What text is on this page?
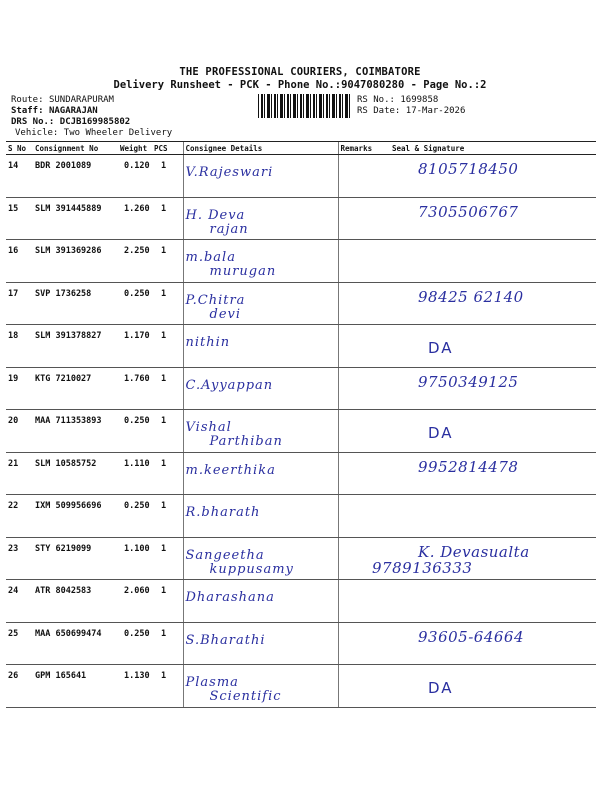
THE PROFESSIONAL COURIERS, COIMBATORE
Delivery Runsheet - PCK - Phone No.:9047080280 - Page No.:2
Route: SUNDARAPURAM
Staff: NAGARAJAN
DRS No.: DCJB169985802
Vehicle: Two Wheeler Delivery
RS No.: 1699858
RS Date: 17-Mar-2026
S No	Consignment No	Weight	PCS	Consignee Details	Remarks	Seal & Signature
14	BDR 2001089	0.120	1	V.Rajeswari		8105718450

15	SLM 391445889	1.260	1	H. Deva
rajan		7305506767

16	SLM 391369286	2.250	1	m.bala
murugan		

17	SVP 1736258	0.250	1	P.Chitra
devi		98425 62140

18	SLM 391378827	1.170	1	nithin		DA

19	KTG 7210027	1.760	1	C.Ayyappan		9750349125

20	MAA 711353893	0.250	1	Vishal
Parthiban		DA

21	SLM 10585752	1.110	1	m.keerthika		9952814478

22	IXM 509956696	0.250	1	R.bharath		

23	STY 6219099	1.100	1	Sangeetha
kuppusamy		K. Devasualta
9789136333

24	ATR 8042583	2.060	1	Dharashana		

25	MAA 650699474	0.250	1	S.Bharathi		93605-64664

26	GPM 165641	1.130	1	Plasma
Scientific		DA
